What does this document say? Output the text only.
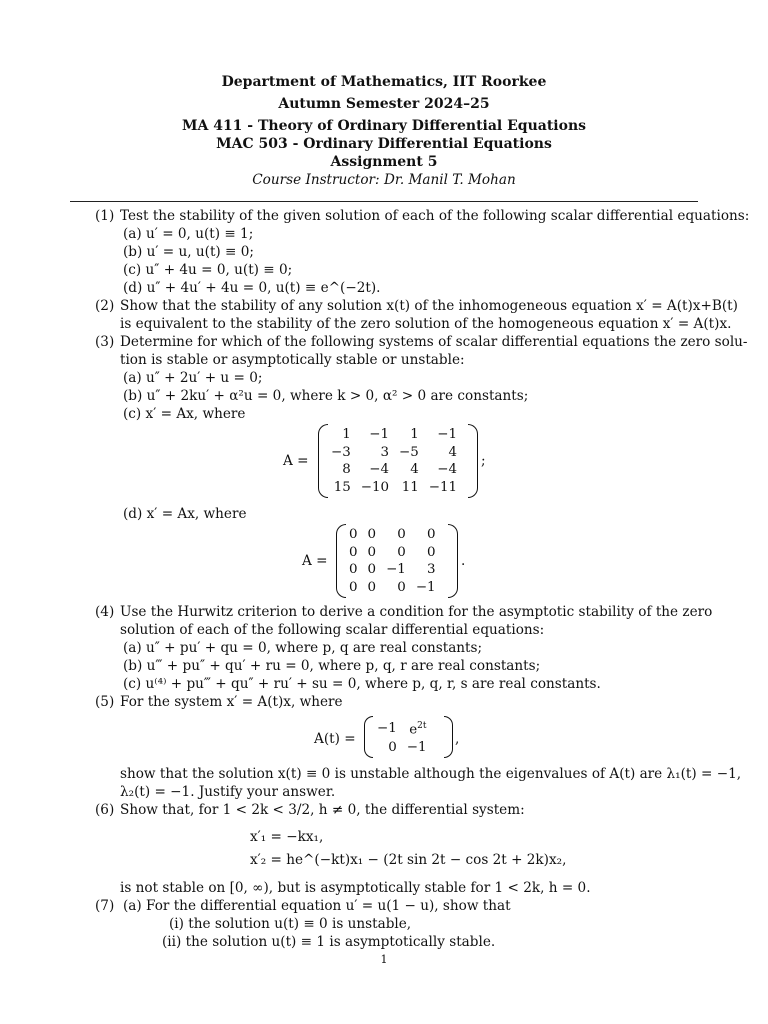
Department of Mathematics, IIT Roorkee
Autumn Semester 2024–25
MA 411 - Theory of Ordinary Differential Equations
MAC 503 - Ordinary Differential Equations
Assignment 5
Course Instructor: Dr. Manil T. Mohan
(1) Test the stability of the given solution of each of the following scalar differential equations:
(a) u′ = 0, u(t) ≡ 1;
(b) u′ = u, u(t) ≡ 0;
(c) u″ + 4u = 0, u(t) ≡ 0;
(d) u″ + 4u′ + 4u = 0, u(t) ≡ e^(−2t).
(2) Show that the stability of any solution x(t) of the inhomogeneous equation x′ = A(t)x+B(t)
is equivalent to the stability of the zero solution of the homogeneous equation x′ = A(t)x.
(3) Determine for which of the following systems of scalar differential equations the zero solu-
tion is stable or asymptotically stable or unstable:
(a) u″ + 2u′ + u = 0;
(b) u″ + 2ku′ + α²u = 0, where k > 0, α² > 0 are constants;
(c) x′ = Ax, where
A =
1	−1	1	−1
−3	3	−5	4
8	−4	4	−4
15	−10	11	−11
;
(d) x′ = Ax, where
A =
0	0	0	0
0	0	0	0
0	0	−1	3
0	0	0	−1
.
(4) Use the Hurwitz criterion to derive a condition for the asymptotic stability of the zero
solution of each of the following scalar differential equations:
(a) u″ + pu′ + qu = 0, where p, q are real constants;
(b) u‴ + pu″ + qu′ + ru = 0, where p, q, r are real constants;
(c) u⁽⁴⁾ + pu‴ + qu″ + ru′ + su = 0, where p, q, r, s are real constants.
(5) For the system x′ = A(t)x, where
A(t) =
−1	$e^{2t}$
0	−1
,
show that the solution x(t) ≡ 0 is unstable although the eigenvalues of A(t) are λ₁(t) = −1,
λ₂(t) = −1. Justify your answer.
(6) Show that, for 1 < 2k < 3/2, h ≠ 0, the differential system:
x′₁ = −kx₁,
x′₂ = he^(−kt)x₁ − (2t sin 2t − cos 2t + 2k)x₂,
is not stable on [0, ∞), but is asymptotically stable for 1 < 2k, h = 0.
(7) (a) For the differential equation u′ = u(1 − u), show that
(i) the solution u(t) ≡ 0 is unstable,
(ii) the solution u(t) ≡ 1 is asymptotically stable.
1
